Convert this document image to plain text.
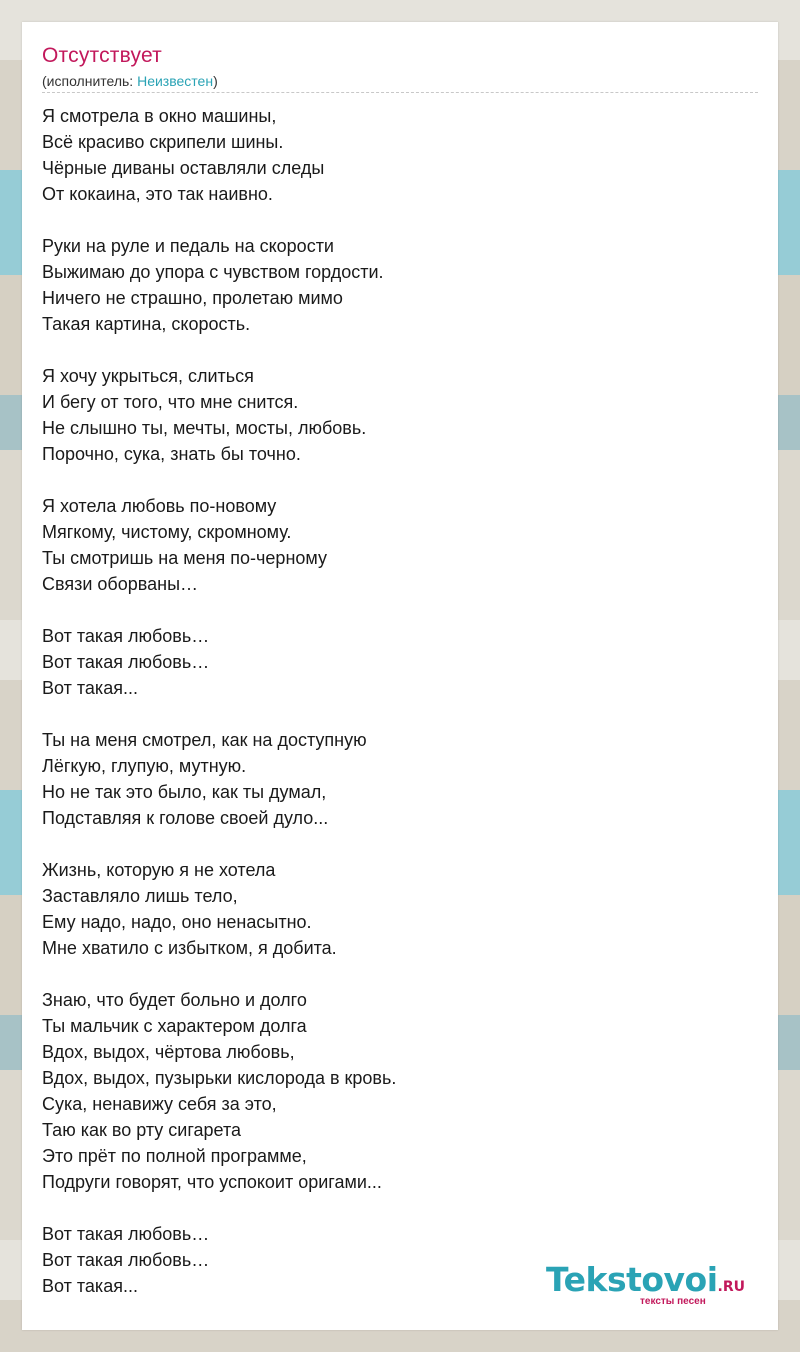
Отсутствует
(исполнитель: Неизвестен)
Я смотрела в окно машины,
Всё красиво скрипели шины.
Чёрные диваны оставляли следы
От кокаина, это так наивно.
Руки на руле и педаль на скорости
Выжимаю до упора с чувством гордости.
Ничего не страшно, пролетаю мимо
Такая картина, скорость.
Я хочу укрыться, слиться
И бегу от того, что мне снится.
Не слышно ты, мечты, мосты, любовь.
Порочно, сука, знать бы точно.
Я хотела любовь по-новому
Мягкому, чистому, скромному.
Ты смотришь на меня по-черному
Связи оборваны…
Вот такая любовь…
Вот такая любовь…
Вот такая...
Ты на меня смотрел, как на доступную
Лёгкую, глупую, мутную.
Но не так это было, как ты думал,
Подставляя к голове своей дуло...
Жизнь, которую я не хотела
Заставляло лишь тело,
Ему надо, надо, оно ненасытно.
Мне хватило с избытком, я добита.
Знаю, что будет больно и долго
Ты мальчик с характером долга
Вдох, выдох, чёртова любовь,
Вдох, выдох, пузырьки кислорода в кровь.
Сука, ненавижу себя за это,
Таю как во рту сигарета
Это прёт по полной программе,
Подруги говорят, что успокоит оригами...
Вот такая любовь…
Вот такая любовь…
Вот такая...	Tekstovoi.RU
тексты песен
